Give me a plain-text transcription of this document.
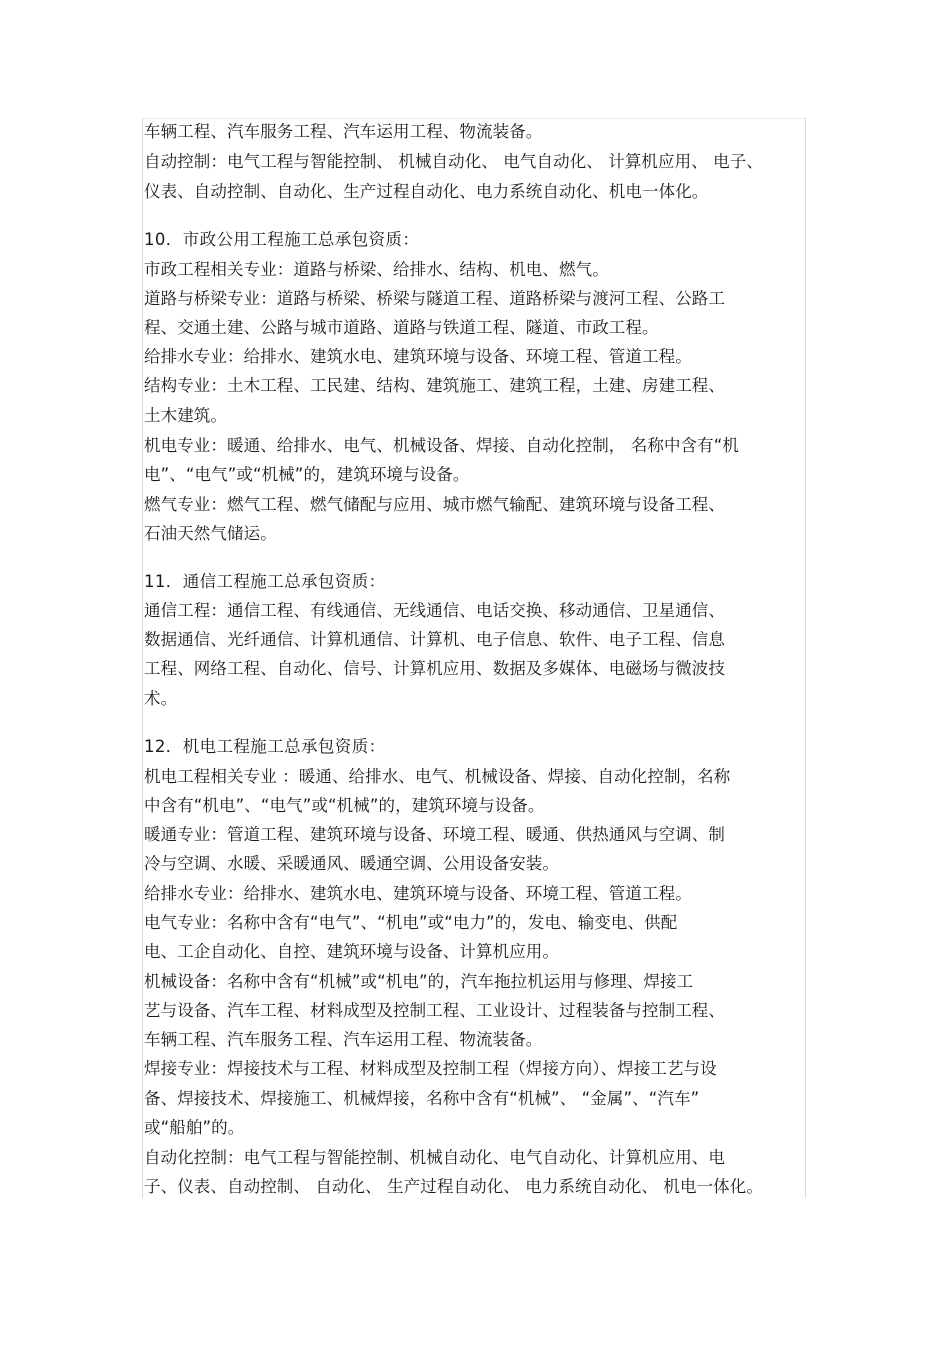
车辆工程、汽车服务工程、汽车运用工程、物流装备。
自动控制：电气工程与智能控制、 机械自动化、 电气自动化、 计算机应用、 电子、
仪表、自动控制、自动化、生产过程自动化、电力系统自动化、机电一体化。
10．市政公用工程施工总承包资质：
市政工程相关专业：道路与桥梁、给排水、结构、机电、燃气。
道路与桥梁专业：道路与桥梁、桥梁与隧道工程、道路桥梁与渡河工程、公路工
程、交通土建、公路与城市道路、道路与铁道工程、隧道、市政工程。
给排水专业：给排水、建筑水电、建筑环境与设备、环境工程、管道工程。
结构专业：土木工程、工民建、结构、建筑施工、建筑工程，土建、房建工程、
土木建筑。
机电专业：暖通、给排水、电气、机械设备、焊接、自动化控制， 名称中含有“机
电”、“电气”或“机械”的，建筑环境与设备。
燃气专业：燃气工程、燃气储配与应用、城市燃气输配、建筑环境与设备工程、
石油天然气储运。
11．通信工程施工总承包资质：
通信工程：通信工程、有线通信、无线通信、电话交换、移动通信、卫星通信、
数据通信、光纤通信、计算机通信、计算机、电子信息、软件、电子工程、信息
工程、网络工程、自动化、信号、计算机应用、数据及多媒体、电磁场与微波技
术。
12．机电工程施工总承包资质：
机电工程相关专业 ：暖通、给排水、电气、机械设备、焊接、自动化控制，名称
中含有“机电”、“电气”或“机械”的，建筑环境与设备。
暖通专业：管道工程、建筑环境与设备、环境工程、暖通、供热通风与空调、制
冷与空调、水暖、采暖通风、暖通空调、公用设备安装。
给排水专业：给排水、建筑水电、建筑环境与设备、环境工程、管道工程。
电气专业：名称中含有“电气”、“机电”或“电力”的，发电、输变电、供配
电、工企自动化、自控、建筑环境与设备、计算机应用。
机械设备：名称中含有“机械”或“机电”的，汽车拖拉机运用与修理、焊接工
艺与设备、汽车工程、材料成型及控制工程、工业设计、过程装备与控制工程、
车辆工程、汽车服务工程、汽车运用工程、物流装备。
焊接专业：焊接技术与工程、材料成型及控制工程（焊接方向）、焊接工艺与设
备、焊接技术、焊接施工、机械焊接，名称中含有“机械”、 “金属”、“汽车”
或“船舶”的。
自动化控制：电气工程与智能控制、机械自动化、电气自动化、计算机应用、电
子、仪表、自动控制、 自动化、 生产过程自动化、 电力系统自动化、 机电一体化。
